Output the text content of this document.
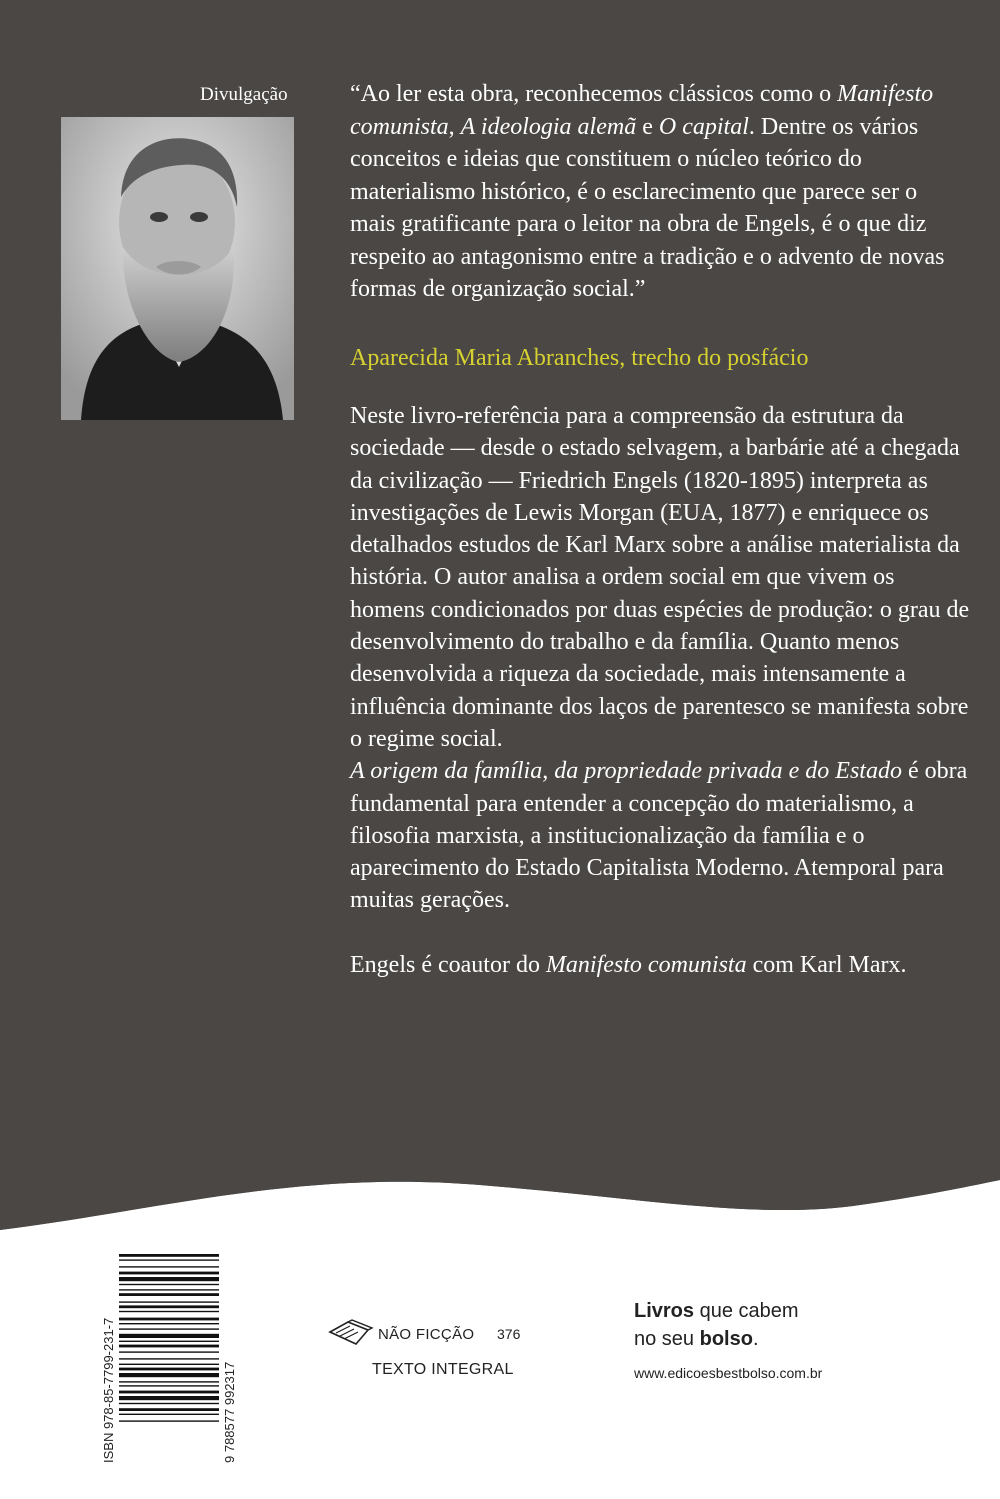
Divulgação	“Ao ler esta obra, reconhecemos clássicos como o Manifesto comunista, A ideologia alemã e O capital. Dentre os vários conceitos e ideias que constituem o núcleo teórico do materialismo histórico, é o esclarecimento que parece ser o mais gratificante para o leitor na obra de Engels, é o que diz respeito ao antagonismo entre a tradição e o advento de novas formas de organização social.”

Aparecida Maria Abranches, trecho do posfácio

Neste livro-referência para a compreensão da estrutura da sociedade — desde o estado selvagem, a barbárie até a chegada da civilização — Friedrich Engels (1820-1895) interpreta as investigações de Lewis Morgan (EUA, 1877) e enriquece os detalhados estudos de Karl Marx sobre a análise materialista da história. O autor analisa a ordem social em que vivem os homens condicionados por duas espécies de produção: o grau de desenvolvimento do trabalho e da família. Quanto menos desenvolvida a riqueza da sociedade, mais intensamente a influência dominante dos laços de parentesco se manifesta sobre o regime social.

A origem da família, da propriedade privada e do Estado é obra fundamental para entender a concepção do materialismo, a filosofia marxista, a institucionalização da família e o aparecimento do Estado Capitalista Moderno. Atemporal para muitas gerações.

Engels é coautor do Manifesto comunista com Karl Marx.

ISBN 978-85-7799-231-7	9 788577 992317
NÃO FICÇÃO 376
TEXTO INTEGRAL
Livros que cabem
no seu bolso.
www.edicoesbestbolso.com.br
